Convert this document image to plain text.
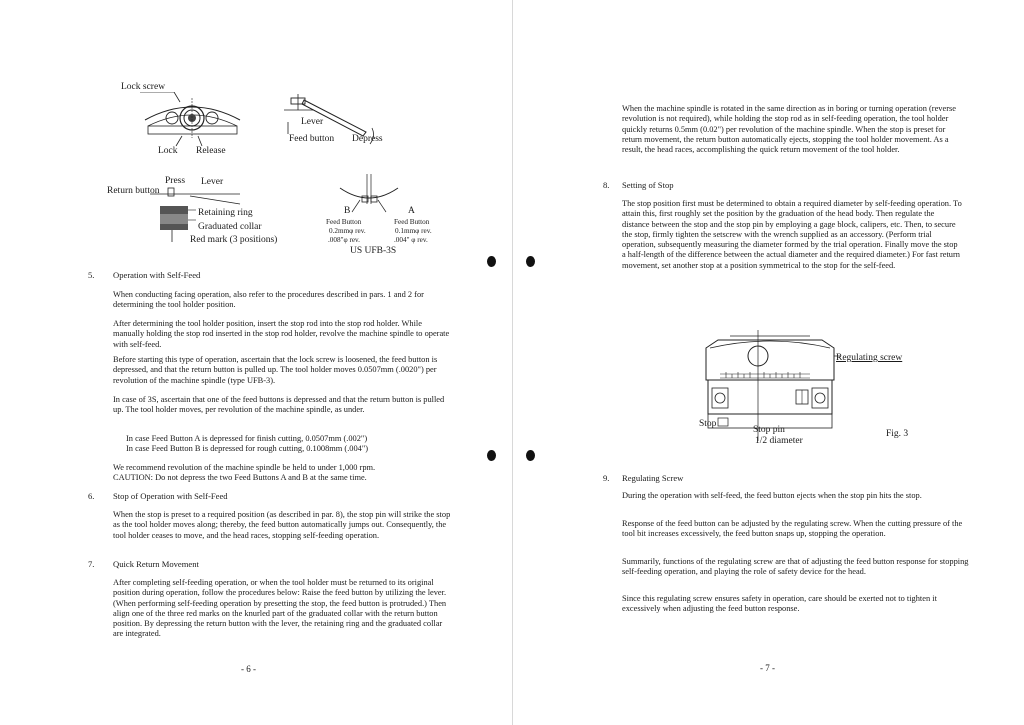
Lock screw
Lock Release
Lever
Feed button Depress
Press Lever
Return button
Retaining ring
Graduated collar
Red mark (3 positions)
B	A
Feed Button	Feed Button
0.2mmφ rev.	0.1mmφ rev.
.008"φ rev.	.004" φ rev.
US UFB-3S
5. Operation with Self-Feed
When conducting facing operation, also refer to the procedures described in pars. 1 and 2 for determining the tool holder position.
After determining the tool holder position, insert the stop rod into the stop rod holder. While manually holding the stop rod inserted in the stop rod holder, revolve the machine spindle to operate with self-feed.
Before starting this type of operation, ascertain that the lock screw is loosened, the feed button is depressed, and that the return button is pulled up. The tool holder moves 0.0507mm (.0020") per revolution of the machine spindle (type UFB-3).
In case of 3S, ascertain that one of the feed buttons is depressed and that the return button is pulled up. The tool holder moves, per revolution of the machine spindle, as under.
In case Feed Button A is depressed for finish cutting, 0.0507mm (.002")
In case Feed Button B is depressed for rough cutting, 0.1008mm (.004")
We recommend revolution of the machine spindle be held to under 1,000 rpm.
CAUTION: Do not depress the two Feed Buttons A and B at the same time.
6. Stop of Operation with Self-Feed
When the stop is preset to a required position (as described in par. 8), the stop pin will strike the stop as the tool holder moves along; thereby, the feed button automatically jumps out. Consequently, the tool holder ceases to move, and the head races, stopping self-feeding operation.
7. Quick Return Movement
After completing self-feeding operation, or when the tool holder must be returned to its original position during operation, follow the procedures below: Raise the feed button by utilizing the lever. (When performing self-feeding operation by presetting the stop, the feed button is protruded.) Then align one of the three red marks on the knurled part of the graduated collar with the return button position. By depressing the return button with the lever, the retaining ring and the graduated collar are integrated.
- 6 -
When the machine spindle is rotated in the same direction as in boring or turning operation (reverse revolution is not required), while holding the stop rod as in self-feeding operation, the tool holder quickly returns 0.5mm (0.02") per revolution of the machine spindle. When the stop is preset for return movement, the return button automatically ejects, stopping the tool holder movement. As a result, the head races, accomplishing the quick return movement of the tool holder.
8. Setting of Stop
The stop position first must be determined to obtain a required diameter by self-feeding operation. To attain this, first roughly set the position by the graduation of the head body. Then regulate the distance between the stop and the stop pin by employing a gage block, calipers, etc. Then, to secure the stop, firmly tighten the setscrew with the wrench supplied as an accessory. (Perform trial operation, subsequently measuring the diameter formed by the trial operation. Finally move the stop a half-length of the difference between the actual diameter and the required diameter.) For fast return movement, set another stop at a position symmetrical to the stop for the self-feed.
Regulating screw
Stop
Stop pin
1/2 diameter
Fig. 3
9. Regulating Screw
During the operation with self-feed, the feed button ejects when the stop pin hits the stop.
Response of the feed button can be adjusted by the regulating screw. When the cutting pressure of the tool bit increases excessively, the feed button snaps up, stopping the operation.
Summarily, functions of the regulating screw are that of adjusting the feed button response for stopping self-feeding operation, and playing the role of safety device for the head.
Since this regulating screw ensures safety in operation, care should be exerted not to tighten it excessively when adjusting the feed button response.
- 7 -
